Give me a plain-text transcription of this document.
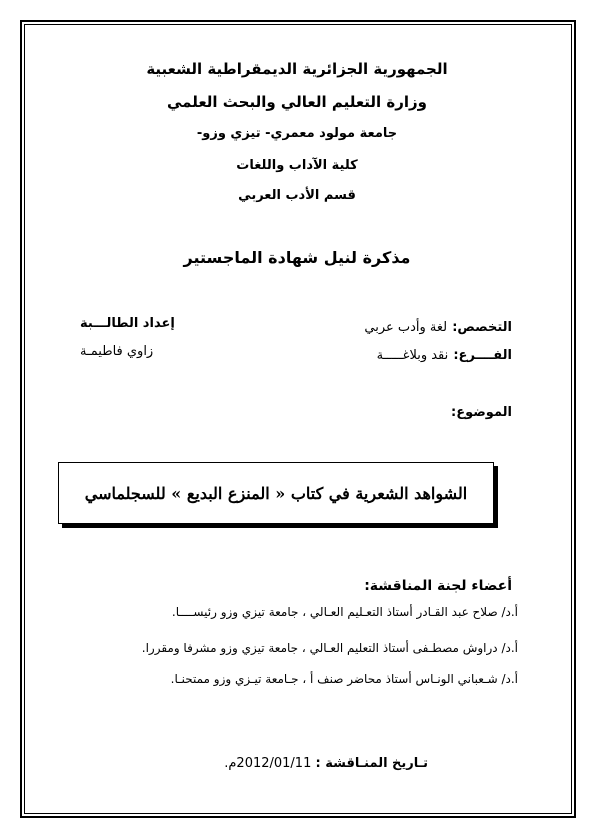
الجمهورية الجزائرية الديمقراطية الشعبية
وزارة التعليم العالي والبحث العلمي
جامعة مولود معمري- تيزي وزو-
كلية الآداب واللغات
قسم الأدب العربي
مذكرة لنيل شهادة الماجستير
التخصص: لغة وأدب عربي
الفــــرع: نقد وبلاغـــــة
إعداد الطالـــبة
زاوي فاطيمـة
الموضوع:
الشواهد الشعرية في كتاب « المنزع البديع » للسجلماسي
أعضاء لجنة المناقشة:
أ.د/ صلاح عبد القـادر أستاذ التعـليم العـالي ، جامعة تيزي وزو رئيســــا.
أ.د/ دراوش مصطـفى أستاذ التعليم العـالي ، جامعة تيزي وزو مشرفا ومقررا.
أ.د/ شـعباني الونـاس أستاذ محاضر صنف أ ، جـامعة تيـزي وزو ممتحنـا.
تـاريخ المنـاقشة : 2012/01/11م.
